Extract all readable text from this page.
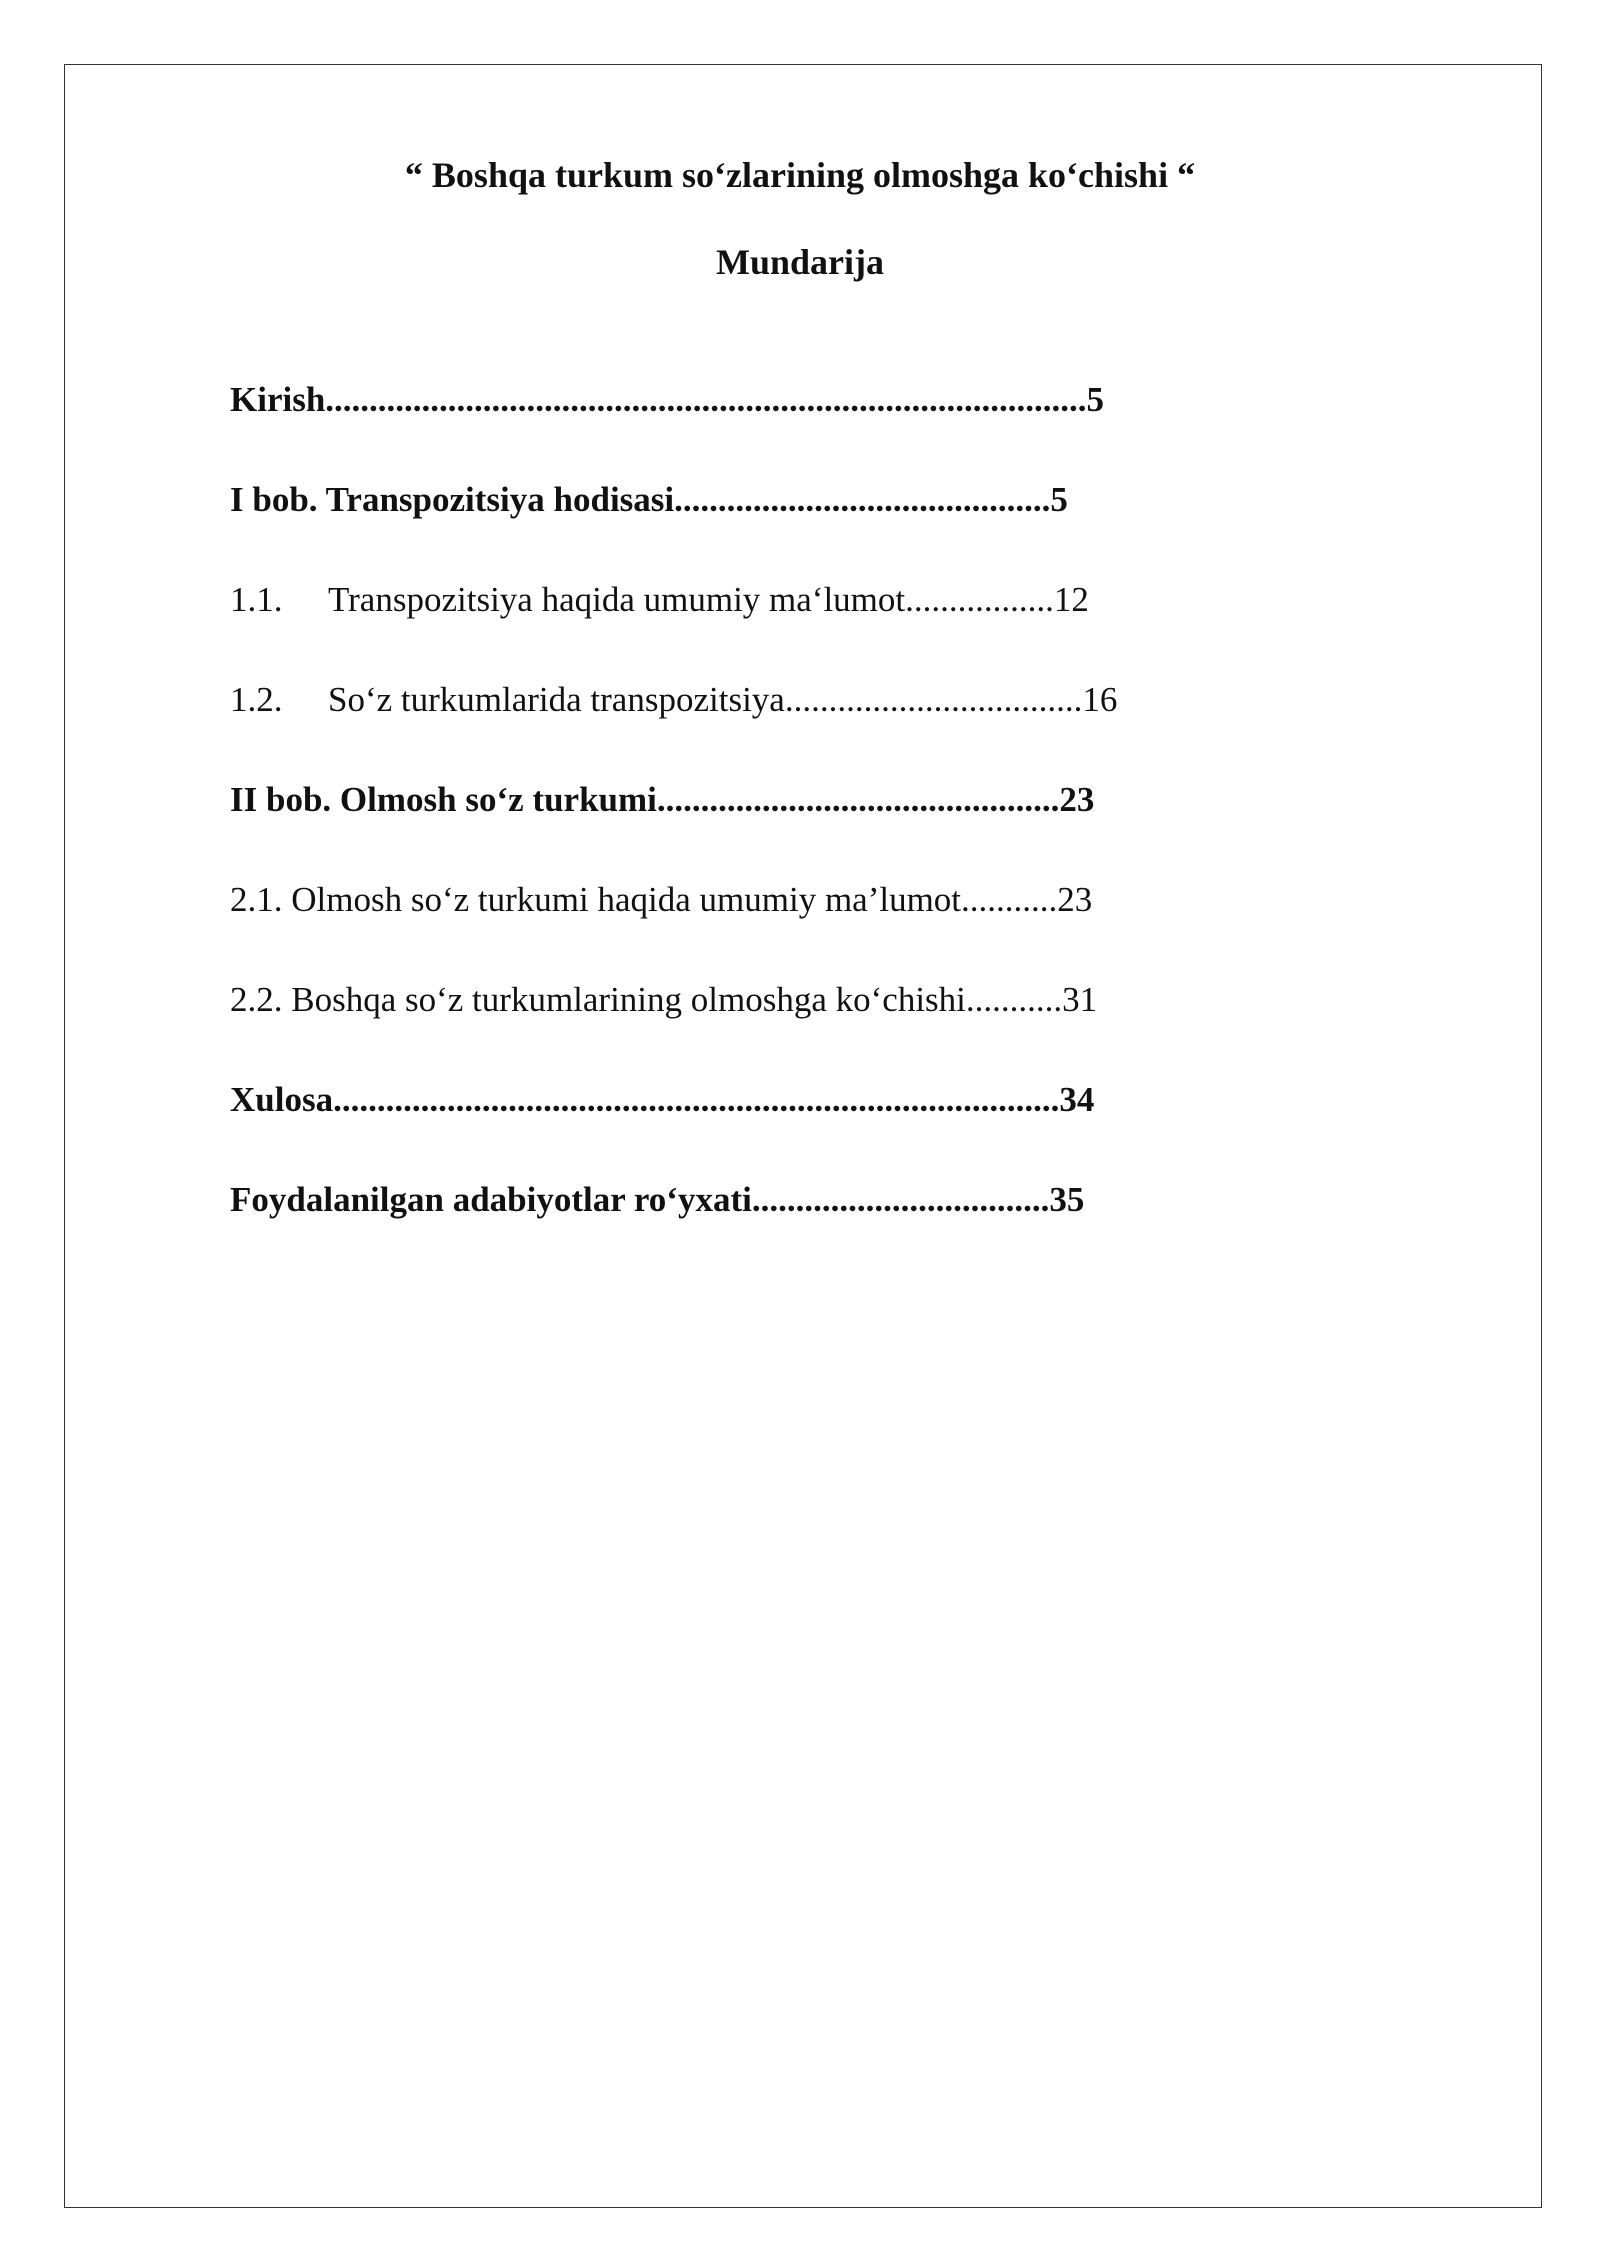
“ Boshqa turkum so‘zlarining olmoshga ko‘chishi “
Mundarija
Kirish.......................................................................................5
I bob. Transpozitsiya hodisasi...........................................5
1.1. Transpozitsiya haqida umumiy ma‘lumot.................12
1.2. So‘z turkumlarida transpozitsiya..................................16
II bob. Olmosh so‘z turkumi..............................................23
2.1. Olmosh so‘z turkumi haqida umumiy ma’lumot...........23
2.2. Boshqa so‘z turkumlarining olmoshga ko‘chishi...........31
Xulosa...................................................................................34
Foydalanilgan adabiyotlar ro‘yxati..................................35
